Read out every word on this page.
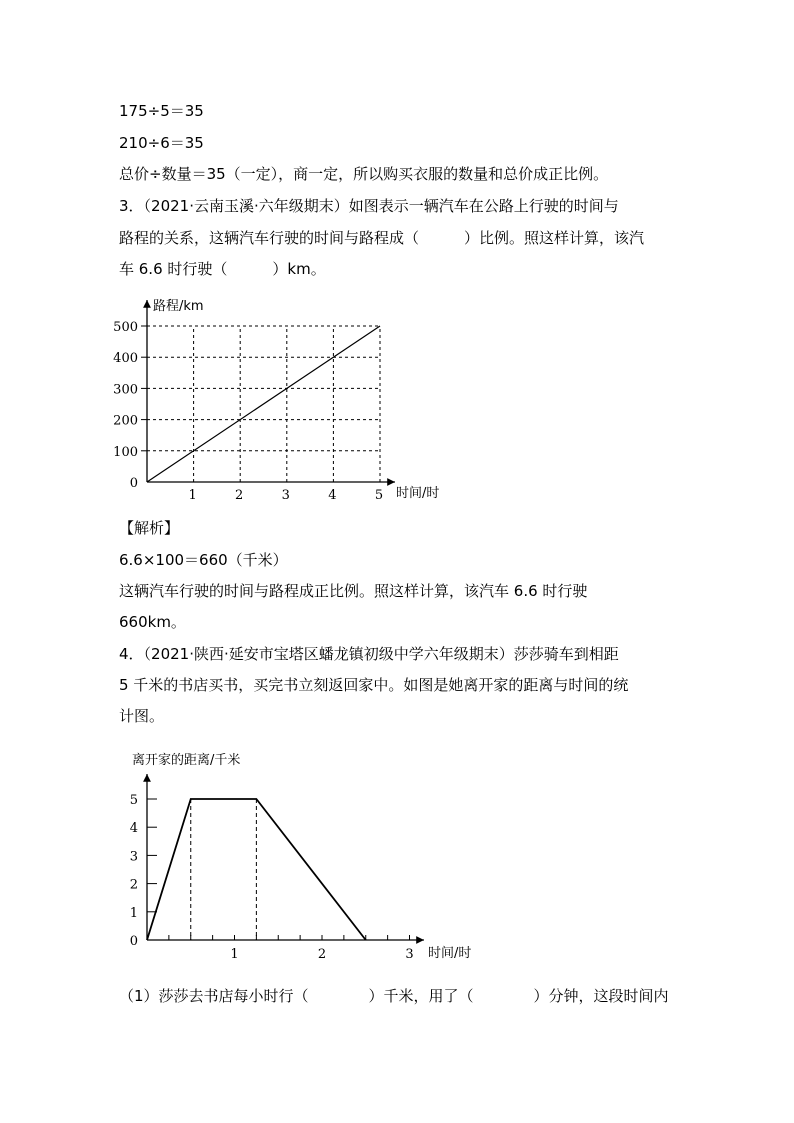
175÷5＝35

210÷6＝35

总价÷数量＝35（一定），商一定，所以购买衣服的数量和总价成正比例。

3．（2021·云南玉溪·六年级期末）如图表示一辆汽车在公路上行驶的时间与

路程的关系，这辆汽车行驶的时间与路程成（　　　）比例。照这样计算，该汽

车 6.6 时行驶（　　　）km。

路程/km
时间/时
0
100
200
300
400
500
1	2	3	4	5

【解析】

6.6×100＝660（千米）

这辆汽车行驶的时间与路程成正比例。照这样计算，该汽车 6.6 时行驶

660km。

4．（2021·陕西·延安市宝塔区蟠龙镇初级中学六年级期末）莎莎骑车到相距

5 千米的书店买书，买完书立刻返回家中。如图是她离开家的距离与时间的统

计图。

离开家的距离/千米
时间/时
0
1
2
3
4
5
1	2	3

（1）莎莎去书店每小时行（　　　　）千米，用了（　　　　）分钟，这段时间内
